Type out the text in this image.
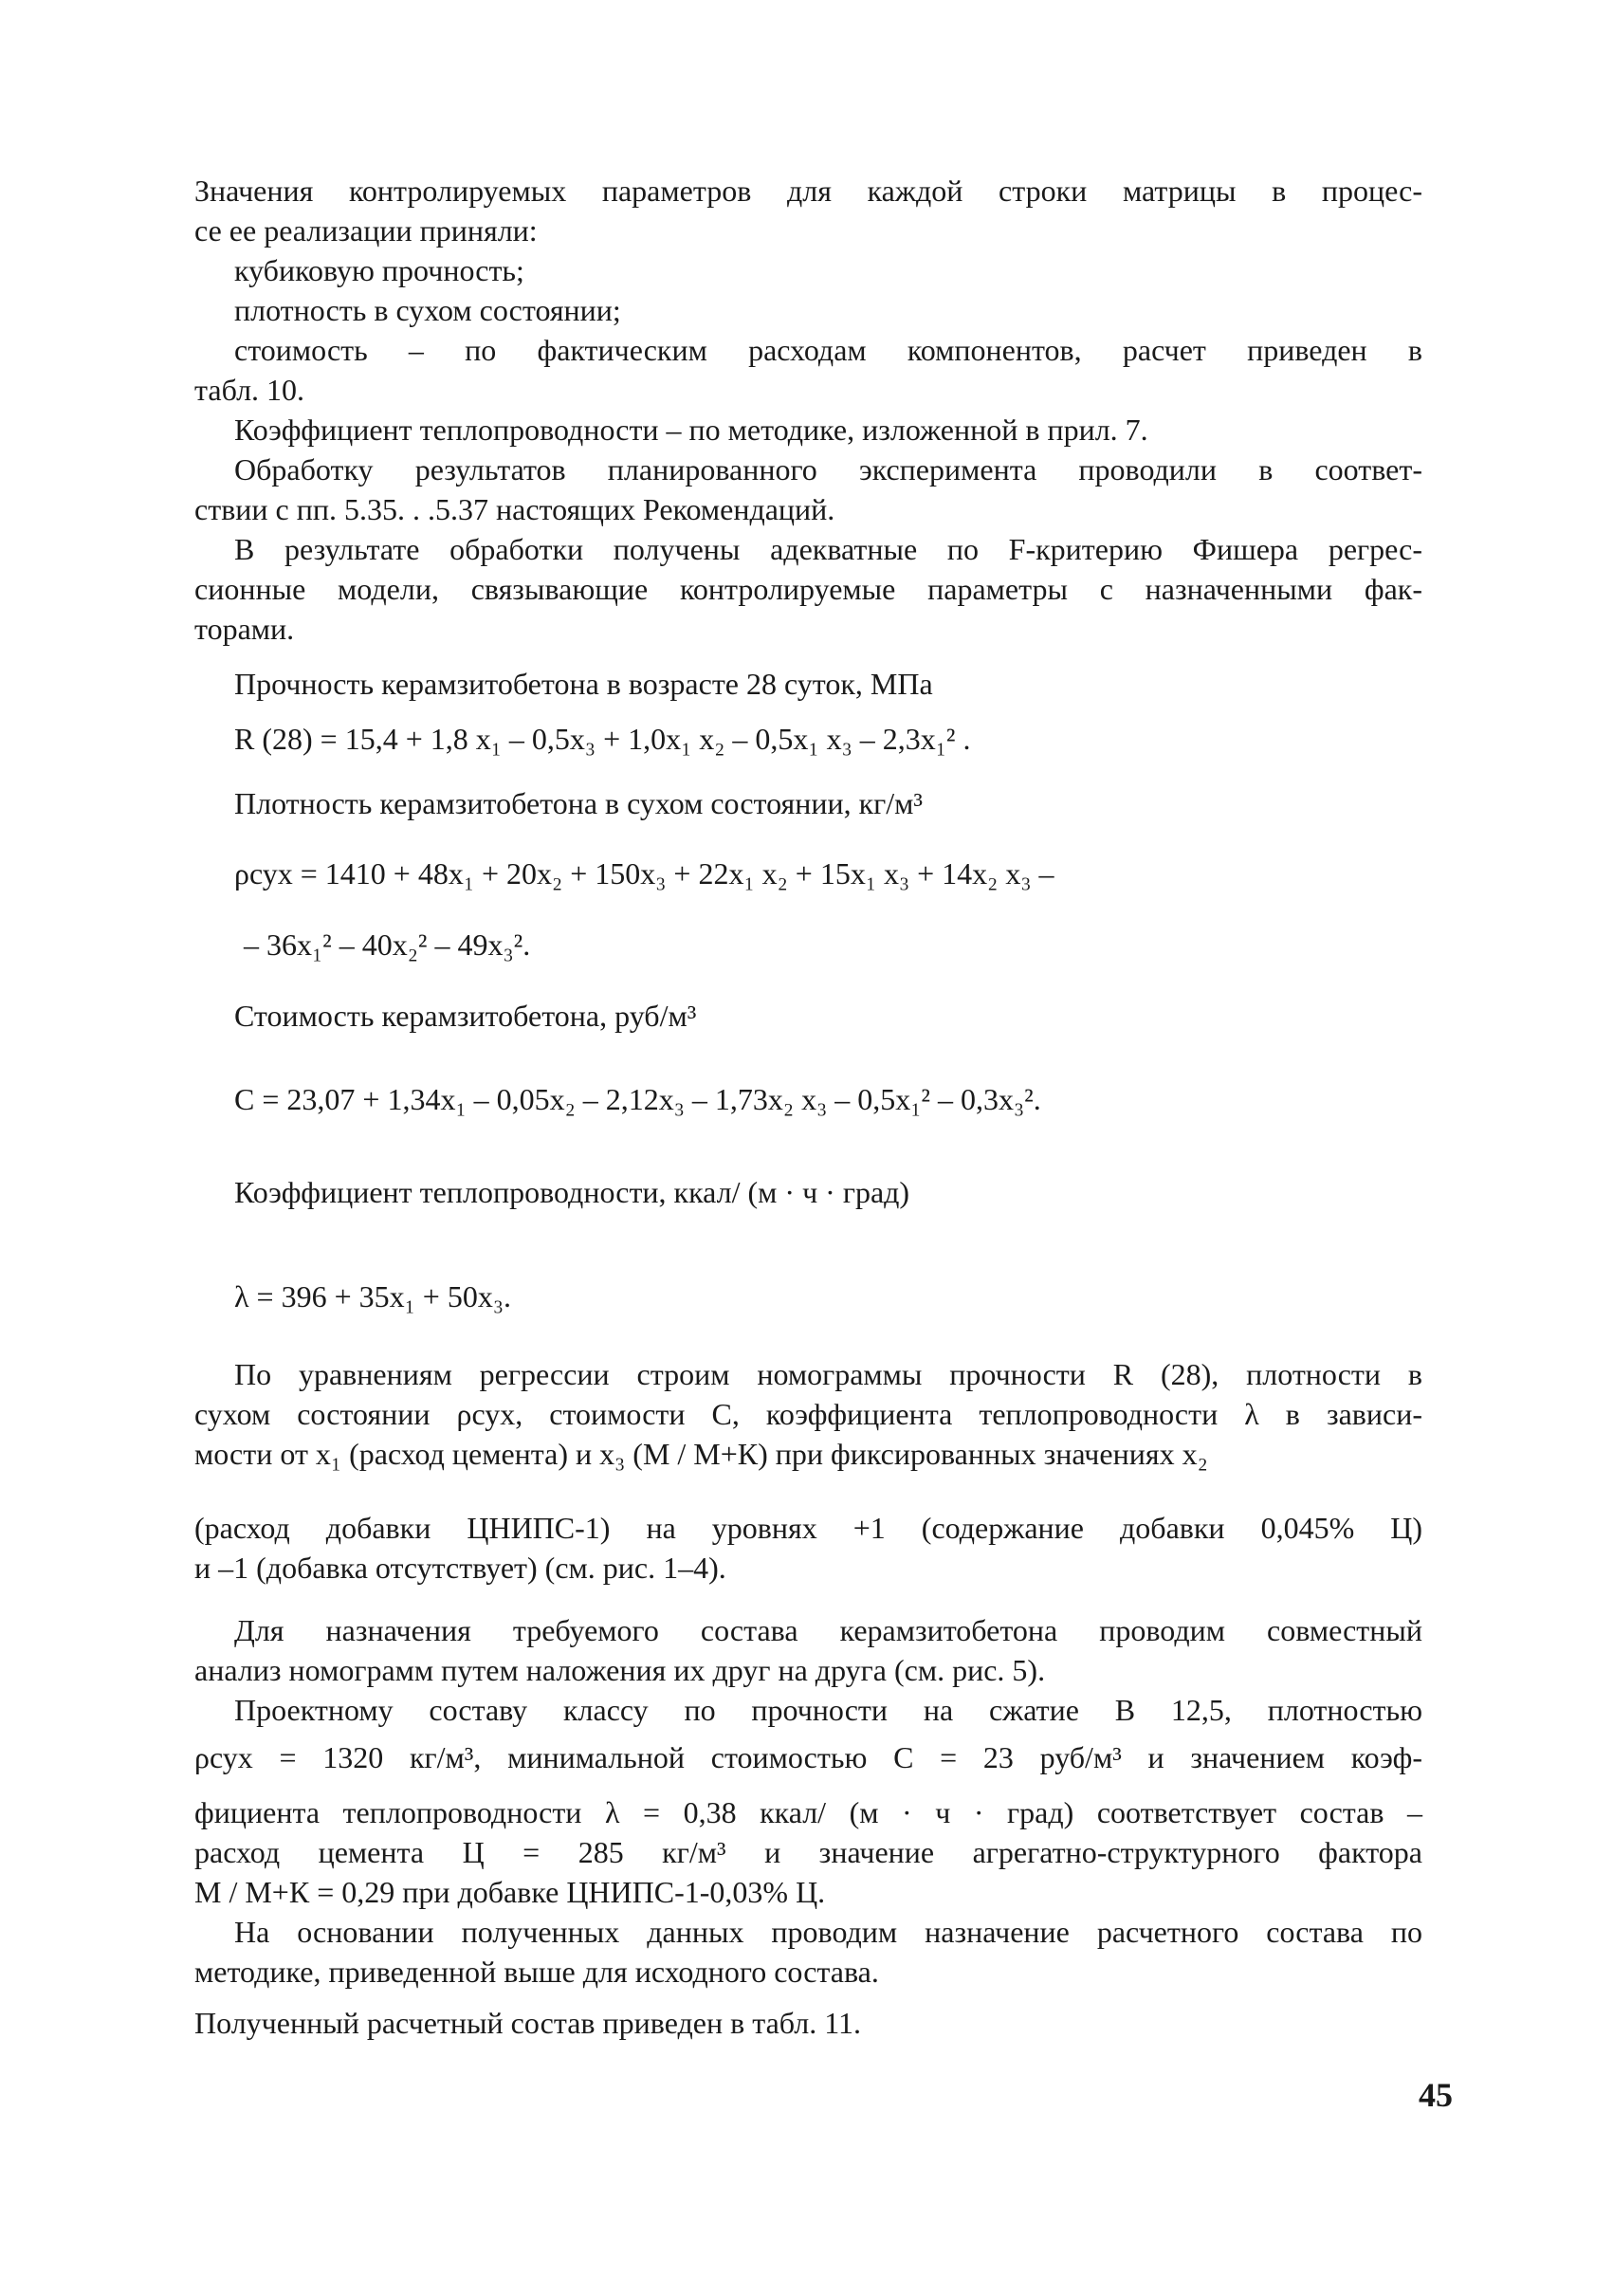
Значения контролируемых параметров для каждой строки матрицы в процес-
се ее реализации приняли:
кубиковую прочность;
плотность в сухом состоянии;
стоимость – по фактическим расходам компонентов, расчет приведен в
табл. 10.
Коэффициент теплопроводности – по методике, изложенной в прил. 7.
Обработку результатов планированного эксперимента проводили в соответ-
ствии с пп. 5.35. . .5.37 настоящих Рекомендаций.
В результате обработки получены адекватные по F-критерию Фишера регрес-
сионные модели, связывающие контролируемые параметры с назначенными фак-
торами.
Прочность керамзитобетона в возрасте 28 суток, МПа
R (28) = 15,4 + 1,8 x₁ – 0,5x₃ + 1,0x₁ x₂ – 0,5x₁ x₃ – 2,3x₁² .
Плотность керамзитобетона в сухом состоянии, кг/м³
ρсух = 1410 + 48x₁ + 20x₂ + 150x₃ + 22x₁ x₂ + 15x₁ x₃ + 14x₂ x₃ –
– 36x₁² – 40x₂² – 49x₃².
Стоимость керамзитобетона, руб/м³
C = 23,07 + 1,34x₁ – 0,05x₂ – 2,12x₃ – 1,73x₂ x₃ – 0,5x₁² – 0,3x₃².
Коэффициент теплопроводности, ккал/ (м · ч · град)
λ = 396 + 35x₁ + 50x₃.
По уравнениям регрессии строим номограммы прочности R (28), плотности в
сухом состоянии ρсух, стоимости C, коэффициента теплопроводности λ в зависи-
мости от x₁ (расход цемента) и x₃ (М / М+К) при фиксированных значениях x₂
(расход добавки ЦНИПС-1) на уровнях +1 (содержание добавки 0,045% Ц)
и –1 (добавка отсутствует) (см. рис. 1–4).
Для назначения требуемого состава керамзитобетона проводим совместный
анализ номограмм путем наложения их друг на друга (см. рис. 5).
Проектному составу классу по прочности на сжатие В 12,5, плотностью
ρсух = 1320 кг/м³, минимальной стоимостью С = 23 руб/м³ и значением коэф-
фициента теплопроводности λ = 0,38 ккал/ (м · ч · град) соответствует состав –
расход цемента Ц = 285 кг/м³ и значение агрегатно-структурного фактора
М / М+К = 0,29 при добавке ЦНИПС-1-0,03% Ц.
На основании полученных данных проводим назначение расчетного состава по
методике, приведенной выше для исходного состава.
Полученный расчетный состав приведен в табл. 11.
45
